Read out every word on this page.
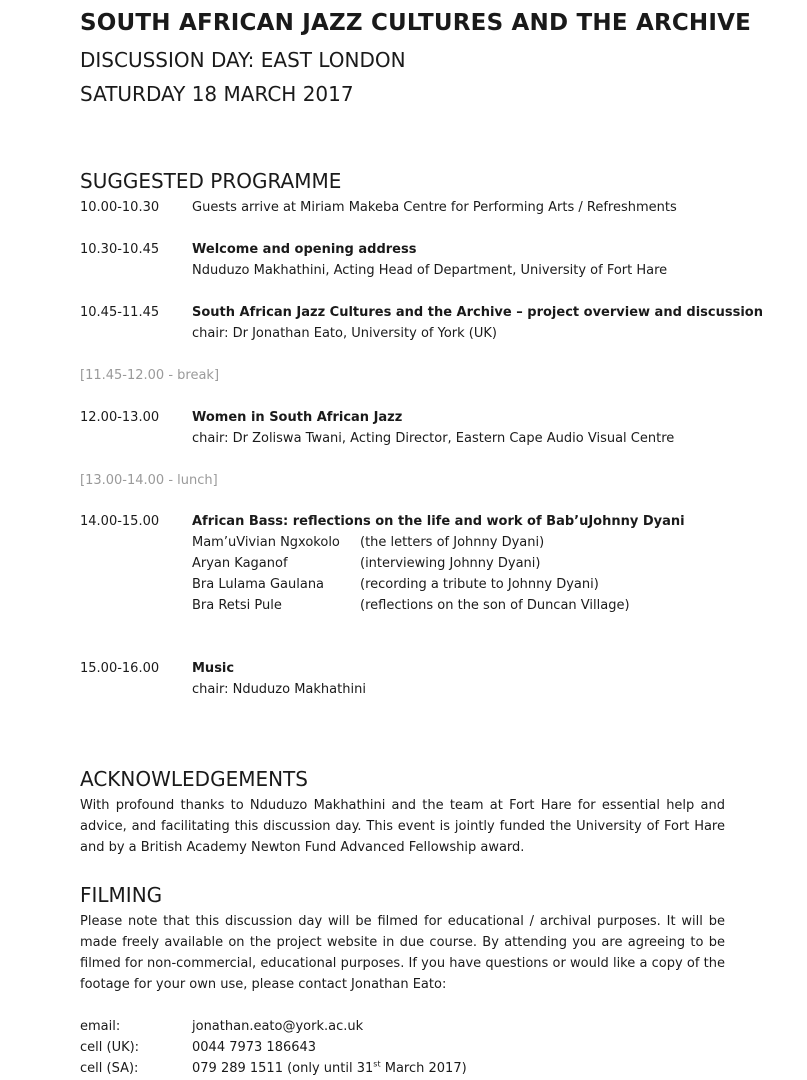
SOUTH AFRICAN JAZZ CULTURES AND THE ARCHIVE
DISCUSSION DAY: EAST LONDON
SATURDAY 18 MARCH 2017
SUGGESTED PROGRAMME
10.00-10.30	Guests arrive at Miriam Makeba Centre for Performing Arts / Refreshments
10.30-10.45	Welcome and opening address
Nduduzo Makhathini, Acting Head of Department, University of Fort Hare
10.45-11.45	South African Jazz Cultures and the Archive – project overview and discussion
chair: Dr Jonathan Eato, University of York (UK)
[11.45-12.00 - break]
12.00-13.00	Women in South African Jazz
chair: Dr Zoliswa Twani, Acting Director, Eastern Cape Audio Visual Centre
[13.00-14.00 - lunch]
14.00-15.00	African Bass: reflections on the life and work of Bab’uJohnny Dyani
Mam’uVivian Ngxokolo (the letters of Johnny Dyani)
Aryan Kaganof	(interviewing Johnny Dyani)
Bra Lulama Gaulana	(recording a tribute to Johnny Dyani)
Bra Retsi Pule	(reflections on the son of Duncan Village)
15.00-16.00	Music
chair: Nduduzo Makhathini
ACKNOWLEDGEMENTS
With profound thanks to Nduduzo Makhathini and the team at Fort Hare for essential help and advice, and facilitating this discussion day. This event is jointly funded the University of Fort Hare and by a British Academy Newton Fund Advanced Fellowship award.
FILMING
Please note that this discussion day will be filmed for educational / archival purposes. It will be made freely available on the project website in due course. By attending you are agreeing to be filmed for non-commercial, educational purposes. If you have questions or would like a copy of the footage for your own use, please contact Jonathan Eato:
email:	jonathan.eato@york.ac.uk
cell (UK):	0044 7973 186643
cell (SA):	079 289 1511 (only until 31st March 2017)
